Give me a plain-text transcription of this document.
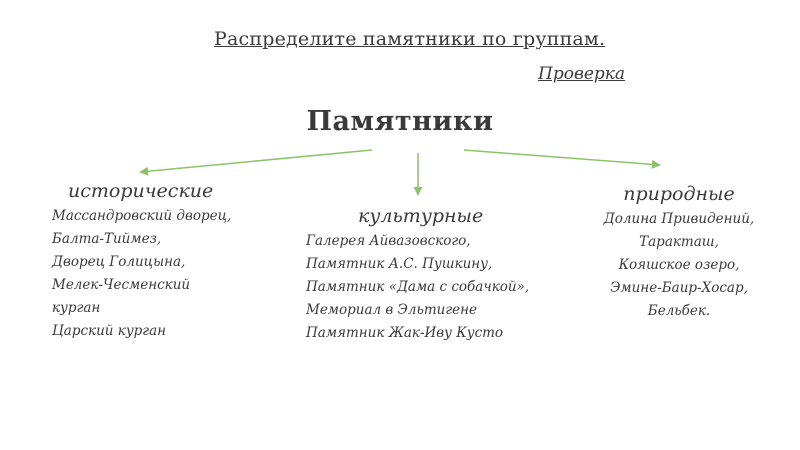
Распределите памятники по группам.
Проверка
Памятники
исторические
Массандровский дворец,
Балта-Тиймез,
Дворец Голицына,
Мелек-Чесменский
курган
Царский курган
культурные
Галерея Айвазовского,
Памятник А.С. Пушкину,
Памятник «Дама с собачкой»,
Мемориал в Эльтигене
Памятник Жак-Иву Кусто
природные
Долина Привидений,
Таракташ,
Кояшское озеро,
Эмине-Баир-Хосар,
Бельбек.
